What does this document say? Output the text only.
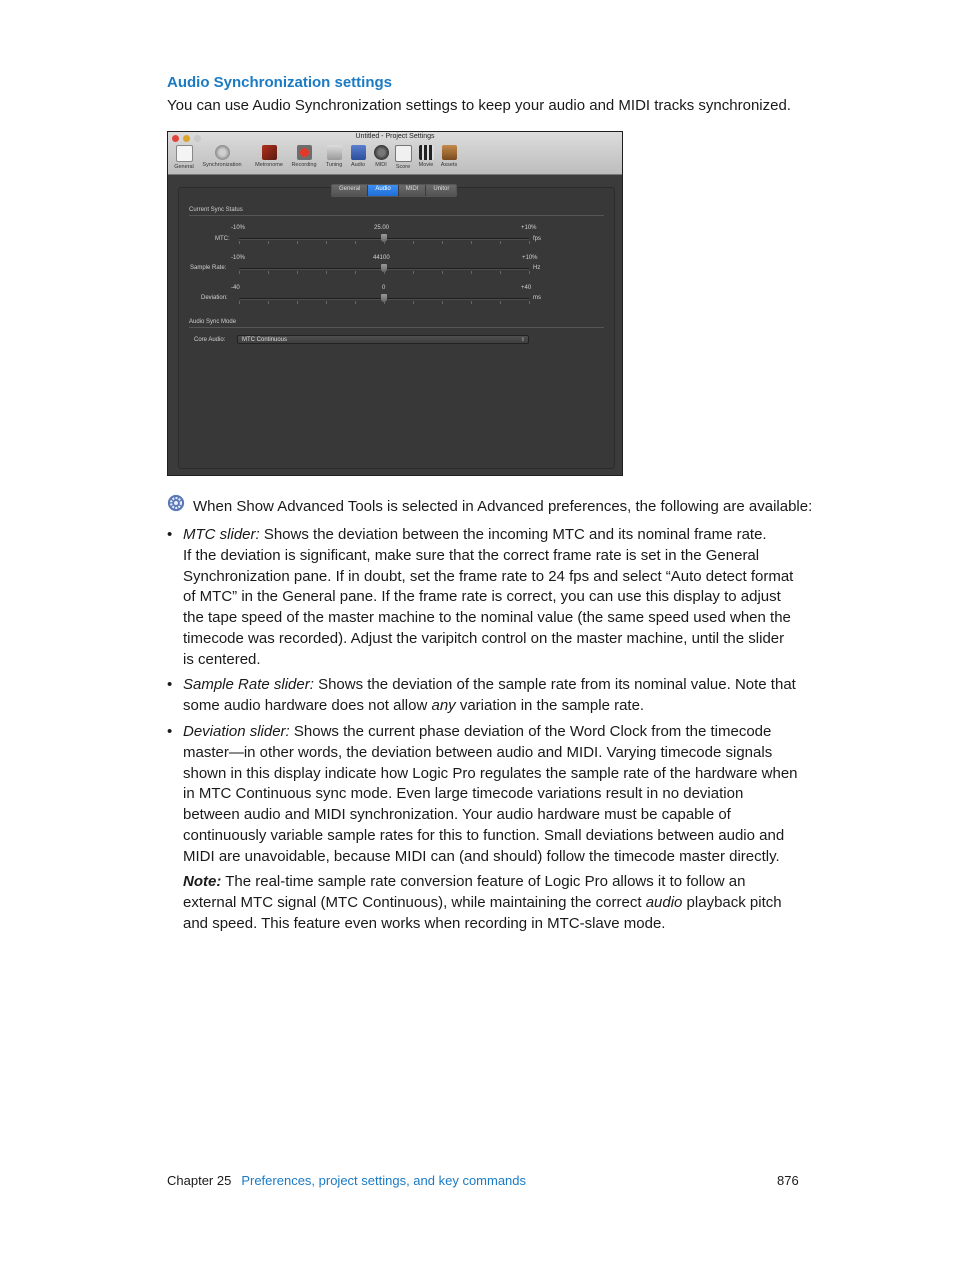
Audio Synchronization settings
You can use Audio Synchronization settings to keep your audio and MIDI tracks synchronized.
Untitled - Project Settings
General	Synchronization	Metronome	Recording	Tuning	Audio	MIDI	Score	Movie	Assets
Current Sync Status
-10%	25.00	+10%
MTC:	fps
-10%	44100	+10%
Sample Rate:	Hz
-40	0	+40
Deviation:	ms
Audio Sync Mode
Core Audio:
General	Audio	MIDI	Unitor
MTC Continuous	⇕
When Show Advanced Tools is selected in Advanced preferences, the following are available:
• MTC slider: Shows the deviation between the incoming MTC and its nominal frame rate.
If the deviation is significant, make sure that the correct frame rate is set in the General Synchronization pane. If in doubt, set the frame rate to 24 fps and select “Auto detect format of MTC” in the General pane. If the frame rate is correct, you can use this display to adjust the tape speed of the master machine to the nominal value (the same speed used when the timecode was recorded). Adjust the varipitch control on the master machine, until the slider is centered.
• Sample Rate slider: Shows the deviation of the sample rate from its nominal value. Note that some audio hardware does not allow any variation in the sample rate.
• Deviation slider: Shows the current phase deviation of the Word Clock from the timecode master—in other words, the deviation between audio and MIDI. Varying timecode signals shown in this display indicate how Logic Pro regulates the sample rate of the hardware when in MTC Continuous sync mode. Even large timecode variations result in no deviation between audio and MIDI synchronization. Your audio hardware must be capable of continuously variable sample rates for this to function. Small deviations between audio and MIDI are unavoidable, because MIDI can (and should) follow the timecode master directly.
Note: The real-time sample rate conversion feature of Logic Pro allows it to follow an external MTC signal (MTC Continuous), while maintaining the correct audio playback pitch and speed. This feature even works when recording in MTC-slave mode.
Chapter 25 Preferences, project settings, and key commands	876
